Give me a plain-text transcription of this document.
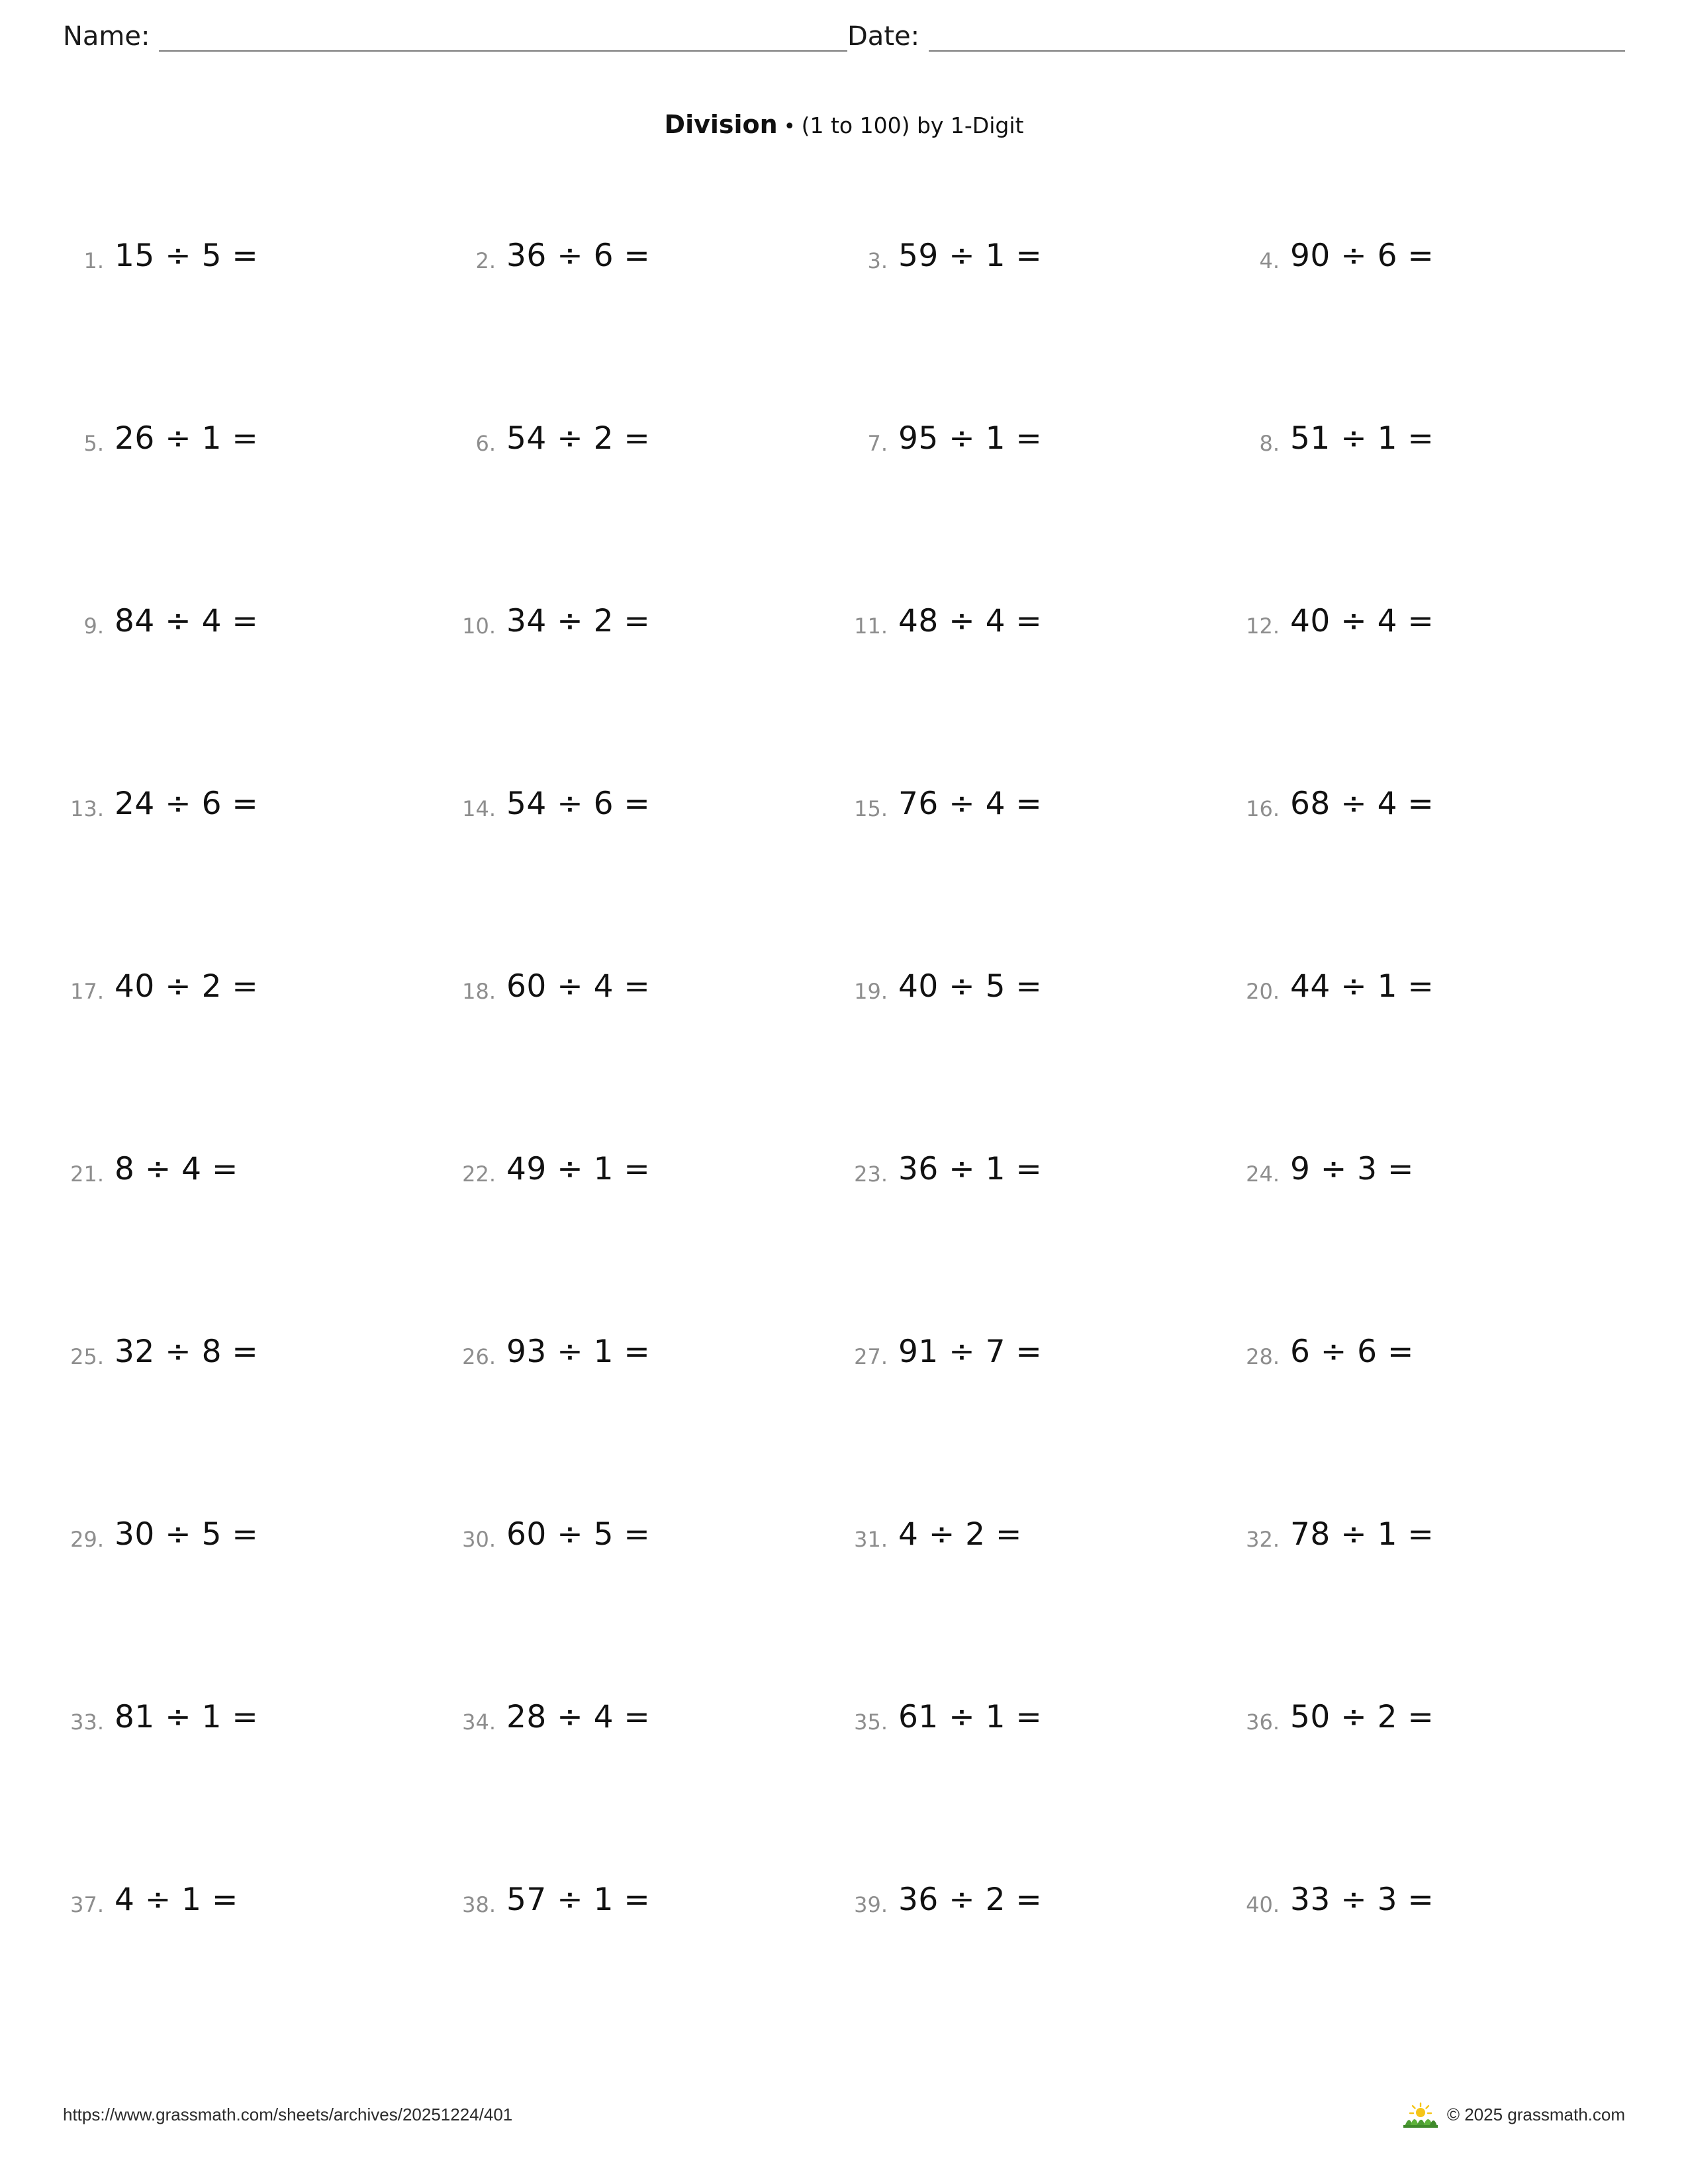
Name:	Date:
Division • (1 to 100) by 1-Digit
1. 15 ÷ 5 =	2. 36 ÷ 6 =	3. 59 ÷ 1 =	4. 90 ÷ 6 =
5. 26 ÷ 1 =	6. 54 ÷ 2 =	7. 95 ÷ 1 =	8. 51 ÷ 1 =
9. 84 ÷ 4 =	10. 34 ÷ 2 =	11. 48 ÷ 4 =	12. 40 ÷ 4 =
13. 24 ÷ 6 =	14. 54 ÷ 6 =	15. 76 ÷ 4 =	16. 68 ÷ 4 =
17. 40 ÷ 2 =	18. 60 ÷ 4 =	19. 40 ÷ 5 =	20. 44 ÷ 1 =
21. 8 ÷ 4 =	22. 49 ÷ 1 =	23. 36 ÷ 1 =	24. 9 ÷ 3 =
25. 32 ÷ 8 =	26. 93 ÷ 1 =	27. 91 ÷ 7 =	28. 6 ÷ 6 =
29. 30 ÷ 5 =	30. 60 ÷ 5 =	31. 4 ÷ 2 =	32. 78 ÷ 1 =
33. 81 ÷ 1 =	34. 28 ÷ 4 =	35. 61 ÷ 1 =	36. 50 ÷ 2 =
37. 4 ÷ 1 =	38. 57 ÷ 1 =	39. 36 ÷ 2 =	40. 33 ÷ 3 =
https://www.grassmath.com/sheets/archives/20251224/401	© 2025 grassmath.com
